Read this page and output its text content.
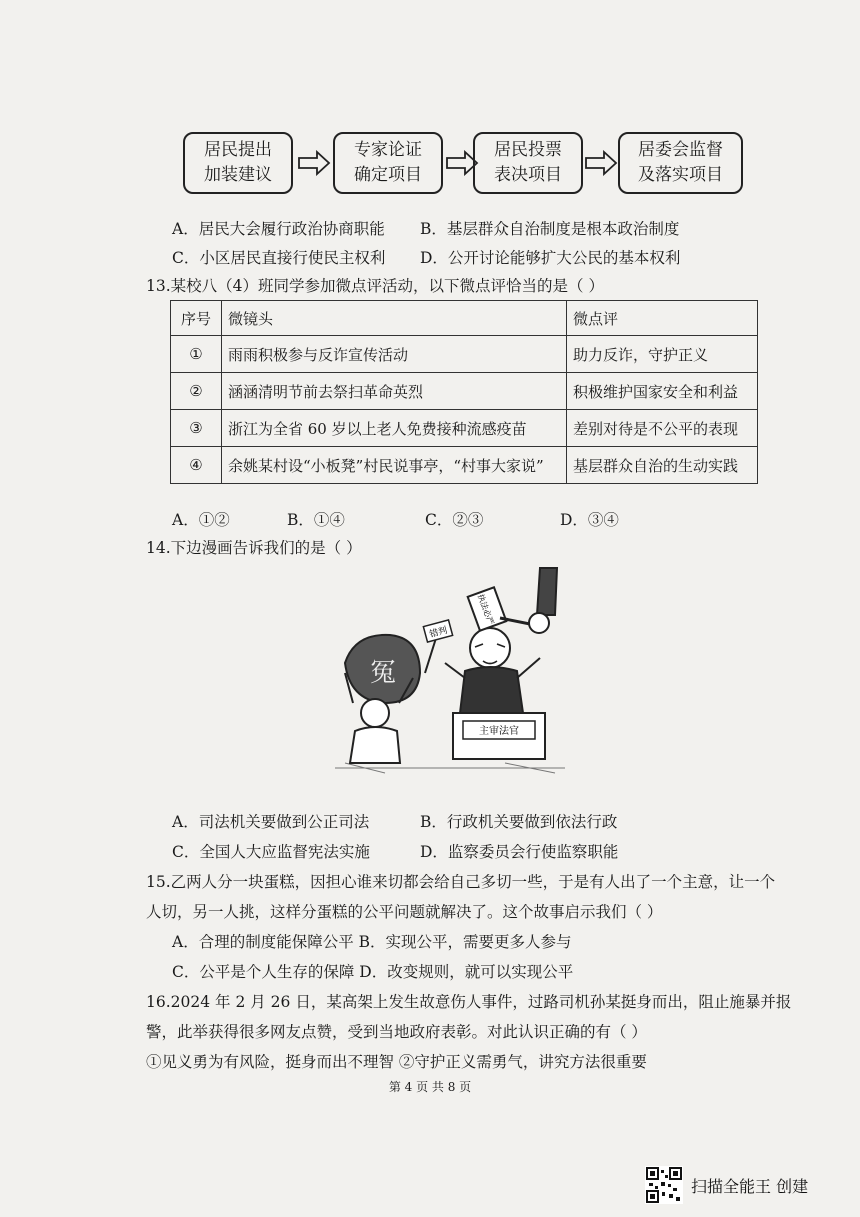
居民提出
加装建议
专家论证
确定项目
居民投票
表决项目
居委会监督
及落实项目
A．居民大会履行政治协商职能 B．基层群众自治制度是根本政治制度
C．小区居民直接行使民主权利 D．公开讨论能够扩大公民的基本权利
13.某校八（4）班同学参加微点评活动，以下微点评恰当的是（ ）
序号	微镜头	微点评
①	雨雨积极参与反诈宣传活动	助力反诈，守护正义
②	涵涵清明节前去祭扫革命英烈	积极维护国家安全和利益
③	浙江为全省 60 岁以上老人免费接种流感疫苗	差别对待是不公平的表现
④	余姚某村设“小板凳”村民说事亭，“村事大家说”	基层群众自治的生动实践
A．①②	B．①④	C．②③	D．③④
14.下边漫画告诉我们的是（ ）
冤
错判
执法必严
主审法官
A．司法机关要做到公正司法	B．行政机关要做到依法行政
C．全国人大应监督宪法实施	D．监察委员会行使监察职能
15.乙两人分一块蛋糕，因担心谁来切都会给自己多切一些，于是有人出了一个主意，让一个
人切，另一人挑，这样分蛋糕的公平问题就解决了。这个故事启示我们（ ）
A．合理的制度能保障公平 B．实现公平，需要更多人参与
C．公平是个人生存的保障 D．改变规则，就可以实现公平
16.2024 年 2 月 26 日，某高架上发生故意伤人事件，过路司机孙某挺身而出，阻止施暴并报
警，此举获得很多网友点赞，受到当地政府表彰。对此认识正确的有（ ）
①见义勇为有风险，挺身而出不理智 ②守护正义需勇气，讲究方法很重要
第 4 页 共 8 页
扫描全能王 创建
